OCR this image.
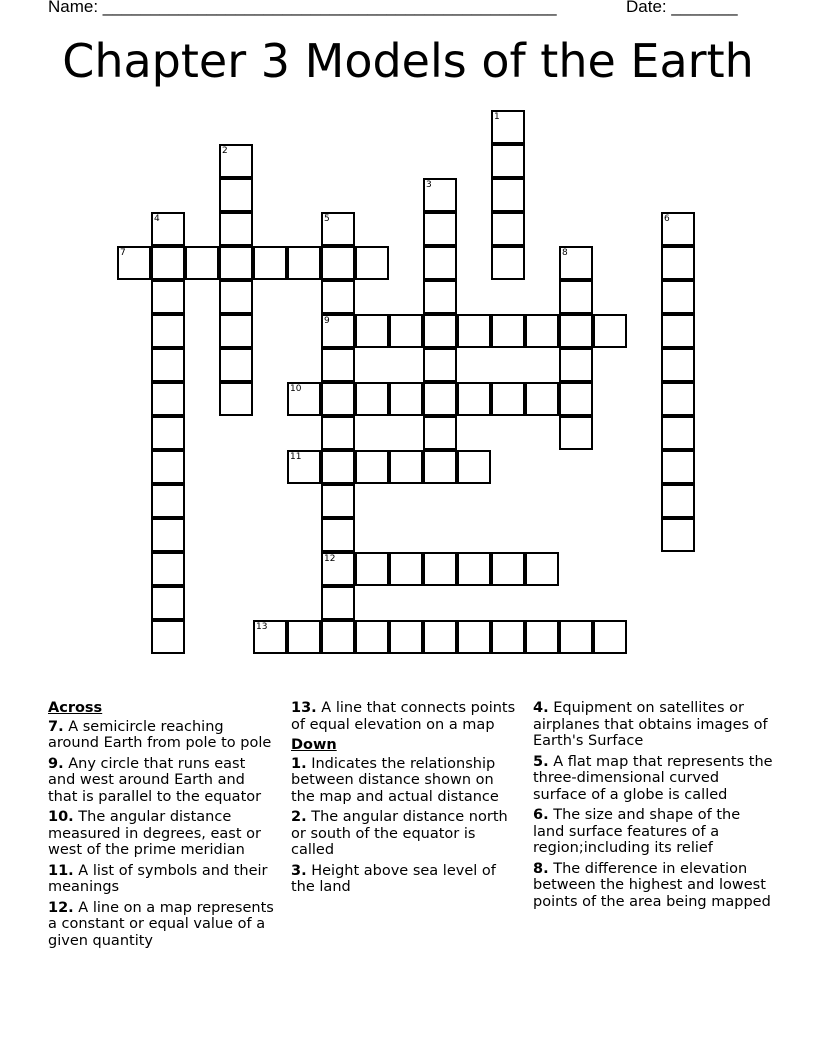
Name: ________________________________________________	Date: _______
Chapter 3 Models of the Earth
1
2
3
4	5
9
12
6
7	8
10
11
13
Across
7. A semicircle reaching around Earth from pole to pole
9. Any circle that runs east and west around Earth and that is parallel to the equator
10. The angular distance measured in degrees, east or west of the prime meridian
11. A list of symbols and their meanings
12. A line on a map represents a constant or equal value of a given quantity
13. A line that connects points of equal elevation on a map
Down
1. Indicates the relationship between distance shown on the map and actual distance
2. The angular distance north or south of the equator is called
3. Height above sea level of the land
4. Equipment on satellites or airplanes that obtains images of Earth's Surface
5. A flat map that represents the three-dimensional curved surface of a globe is called
6. The size and shape of the land surface features of a region;including its relief
8. The difference in elevation between the highest and lowest points of the area being mapped
